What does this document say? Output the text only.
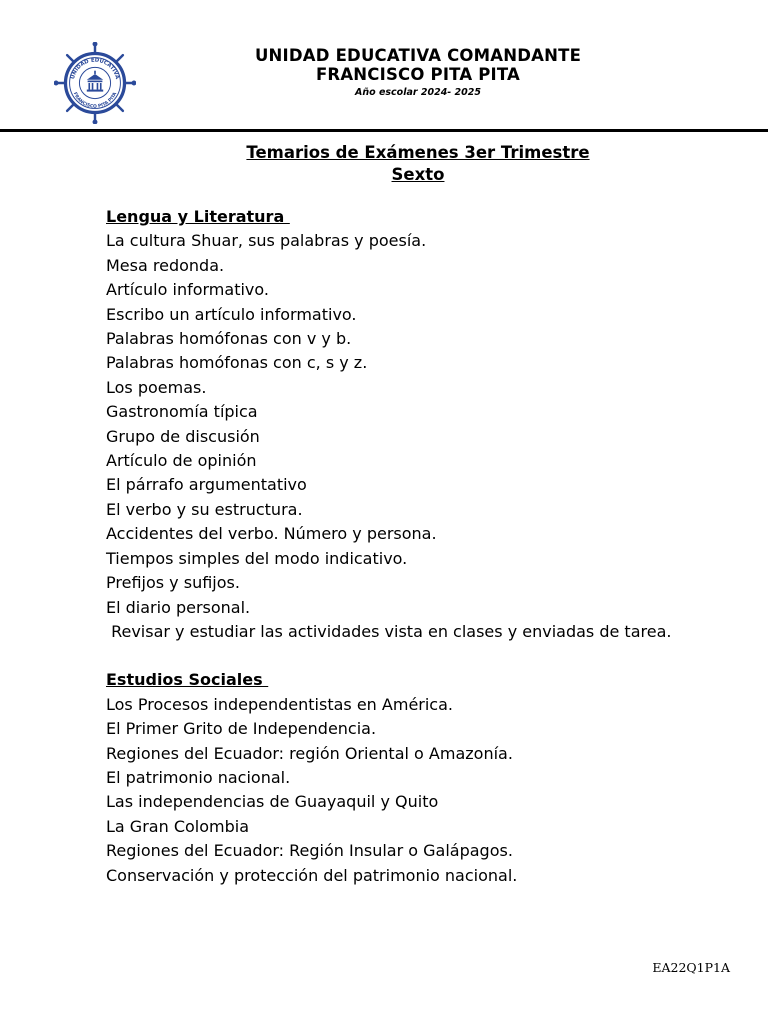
UNIDAD EDUCATIVA
FRANCISCO PITA PITA
UNIDAD EDUCATIVA COMANDANTE
FRANCISCO PITA PITA
Año escolar 2024- 2025
Temarios de Exámenes 3er Trimestre
Sexto
Lengua y Literatura
La cultura Shuar, sus palabras y poesía.
Mesa redonda.
Artículo informativo.
Escribo un artículo informativo.
Palabras homófonas con v y b.
Palabras homófonas con c, s y z.
Los poemas.
Gastronomía típica
Grupo de discusión
Artículo de opinión
El párrafo argumentativo
El verbo y su estructura.
Accidentes del verbo. Número y persona.
Tiempos simples del modo indicativo.
Prefijos y sufijos.
El diario personal.
Revisar y estudiar las actividades vista en clases y enviadas de tarea.
Estudios Sociales
Los Procesos independentistas en América.
El Primer Grito de Independencia.
Regiones del Ecuador: región Oriental o Amazonía.
El patrimonio nacional.
Las independencias de Guayaquil y Quito
La Gran Colombia
Regiones del Ecuador: Región Insular o Galápagos.
Conservación y protección del patrimonio nacional.
EA22Q1P1A
